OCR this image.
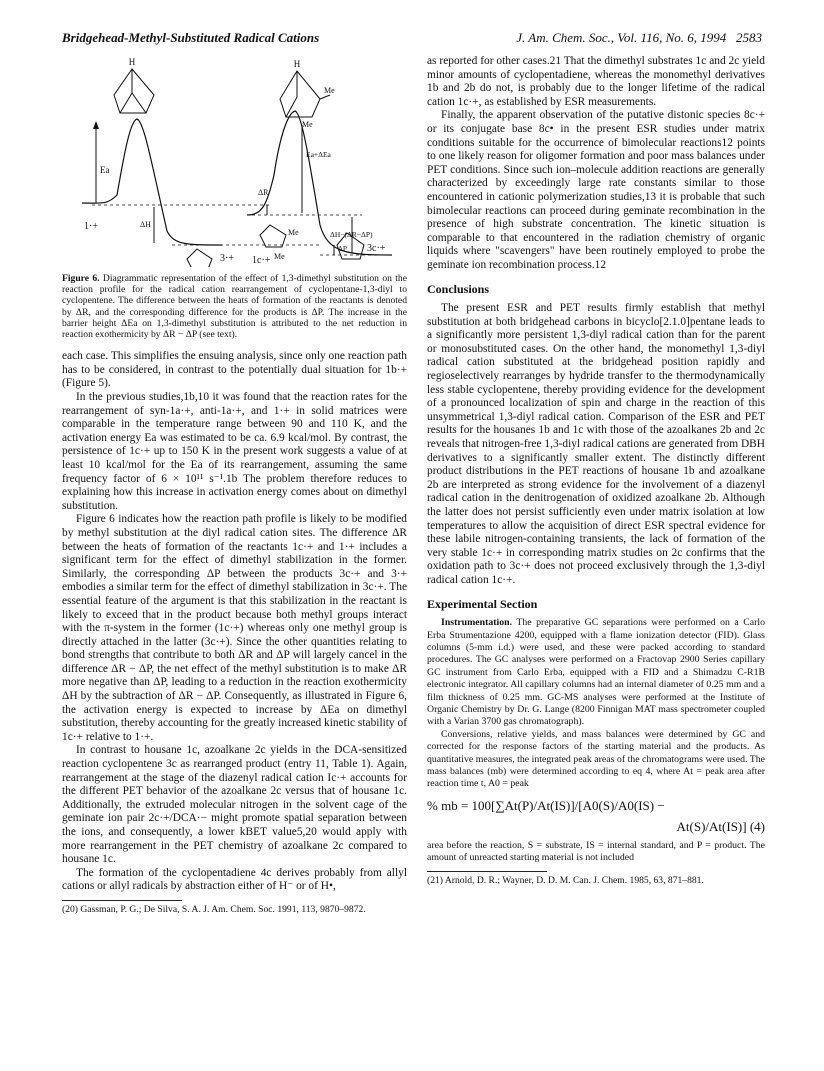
Bridgehead-Methyl-Substituted Radical Cations	J. Am. Chem. Soc., Vol. 116, No. 6, 1994 2583
H
Ea
ΔH
1·+
3·+
H
Me
Me
Ea+ΔEa
ΔR
ΔH−(ΔR−ΔP)
ΔP
Me
Me
1c·+
3c·+
Figure 6. Diagrammatic representation of the effect of 1,3-dimethyl substitution on the reaction profile for the radical cation rearrangement of cyclopentane-1,3-diyl to cyclopentene. The difference between the heats of formation of the reactants is denoted by ΔR, and the corresponding difference for the products is ΔP. The increase in the barrier height ΔEa on 1,3-dimethyl substitution is attributed to the net reduction in reaction exothermicity by ΔR − ΔP (see text).

each case. This simplifies the ensuing analysis, since only one reaction path has to be considered, in contrast to the potentially dual situation for 1b·+ (Figure 5).

In the previous studies,1b,10 it was found that the reaction rates for the rearrangement of syn-1a·+, anti-1a·+, and 1·+ in solid matrices were comparable in the temperature range between 90 and 110 K, and the activation energy Ea was estimated to be ca. 6.9 kcal/mol. By contrast, the persistence of 1c·+ up to 150 K in the present work suggests a value of at least 10 kcal/mol for the Ea of its rearrangement, assuming the same frequency factor of 6 × 10¹¹ s⁻¹.1b The problem therefore reduces to explaining how this increase in activation energy comes about on dimethyl substitution.

Figure 6 indicates how the reaction path profile is likely to be modified by methyl substitution at the diyl radical cation sites. The difference ΔR between the heats of formation of the reactants 1c·+ and 1·+ includes a significant term for the effect of dimethyl stabilization in the former. Similarly, the corresponding ΔP between the products 3c·+ and 3·+ embodies a similar term for the effect of dimethyl stabilization in 3c·+. The essential feature of the argument is that this stabilization in the reactant is likely to exceed that in the product because both methyl groups interact with the π-system in the former (1c·+) whereas only one methyl group is directly attached in the latter (3c·+). Since the other quantities relating to bond strengths that contribute to both ΔR and ΔP will largely cancel in the difference ΔR − ΔP, the net effect of the methyl substitution is to make ΔR more negative than ΔP, leading to a reduction in the reaction exothermicity ΔH by the subtraction of ΔR − ΔP. Consequently, as illustrated in Figure 6, the activation energy is expected to increase by ΔEa on dimethyl substitution, thereby accounting for the greatly increased kinetic stability of 1c·+ relative to 1·+.

In contrast to housane 1c, azoalkane 2c yields in the DCA-sensitized reaction cyclopentene 3c as rearranged product (entry 11, Table 1). Again, rearrangement at the stage of the diazenyl radical cation Ic·+ accounts for the different PET behavior of the azoalkane 2c versus that of housane 1c. Additionally, the extruded molecular nitrogen in the solvent cage of the geminate ion pair 2c·+/DCA·− might promote spatial separation between the ions, and consequently, a lower kBET value5,20 would apply with more rearrangement in the PET chemistry of azoalkane 2c compared to housane 1c.

The formation of the cyclopentadiene 4c derives probably from allyl cations or allyl radicals by abstraction either of H⁻ or of H•,

(20) Gassman, P. G.; De Silva, S. A. J. Am. Chem. Soc. 1991, 113, 9870–9872.

as reported for other cases.21 That the dimethyl substrates 1c and 2c yield minor amounts of cyclopentadiene, whereas the monomethyl derivatives 1b and 2b do not, is probably due to the longer lifetime of the radical cation 1c·+, as established by ESR measurements.

Finally, the apparent observation of the putative distonic species 8c·+ or its conjugate base 8c• in the present ESR studies under matrix conditions suitable for the occurrence of bimolecular reactions12 points to one likely reason for oligomer formation and poor mass balances under PET conditions. Since such ion–molecule addition reactions are generally characterized by exceedingly large rate constants similar to those encountered in cationic polymerization studies,13 it is probable that such bimolecular reactions can proceed during geminate recombination in the presence of high substrate concentration. The kinetic situation is comparable to that encountered in the radiation chemistry of organic liquids where "scavengers" have been routinely employed to probe the geminate ion recombination process.12

Conclusions

The present ESR and PET results firmly establish that methyl substitution at both bridgehead carbons in bicyclo[2.1.0]pentane leads to a significantly more persistent 1,3-diyl radical cation than for the parent or monosubstituted cases. On the other hand, the monomethyl 1,3-diyl radical cation substituted at the bridgehead position rapidly and regioselectively rearranges by hydride transfer to the thermodynamically less stable cyclopentene, thereby providing evidence for the development of a pronounced localization of spin and charge in the reaction of this unsymmetrical 1,3-diyl radical cation. Comparison of the ESR and PET results for the housanes 1b and 1c with those of the azoalkanes 2b and 2c reveals that nitrogen-free 1,3-diyl radical cations are generated from DBH derivatives to a significantly smaller extent. The distinctly different product distributions in the PET reactions of housane 1b and azoalkane 2b are interpreted as strong evidence for the involvement of a diazenyl radical cation in the denitrogenation of oxidized azoalkane 2b. Although the latter does not persist sufficiently even under matrix isolation at low temperatures to allow the acquisition of direct ESR spectral evidence for these labile nitrogen-containing transients, the lack of formation of the very stable 1c·+ in corresponding matrix studies on 2c confirms that the oxidation path to 3c·+ does not proceed exclusively through the 1,3-diyl radical cation 1c·+.

Experimental Section

Instrumentation. The preparative GC separations were performed on a Carlo Erba Strumentazione 4200, equipped with a flame ionization detector (FID). Glass columns (5-mm i.d.) were used, and these were packed according to standard procedures. The GC analyses were performed on a Fractovap 2900 Series capillary GC instrument from Carlo Erba, equipped with a FID and a Shimadzu C-R1B electronic integrator. All capillary columns had an internal diameter of 0.25 mm and a film thickness of 0.25 mm. GC-MS analyses were performed at the Institute of Organic Chemistry by Dr. G. Lange (8200 Finnigan MAT mass spectrometer coupled with a Varian 3700 gas chromatograph).

Conversions, relative yields, and mass balances were determined by GC and corrected for the response factors of the starting material and the products. As quantitative measures, the integrated peak areas of the chromatograms were used. The mass balances (mb) were determined according to eq 4, where At = peak area after reaction time t, A0 = peak

% mb = 100[∑At(P)/At(IS)]/[A0(S)/A0(IS) −
At(S)/At(IS)] (4)

area before the reaction, S = substrate, IS = internal standard, and P = product. The amount of unreacted starting material is not included

(21) Arnold, D. R.; Wayner, D. D. M. Can. J. Chem. 1985, 63, 871–881.
